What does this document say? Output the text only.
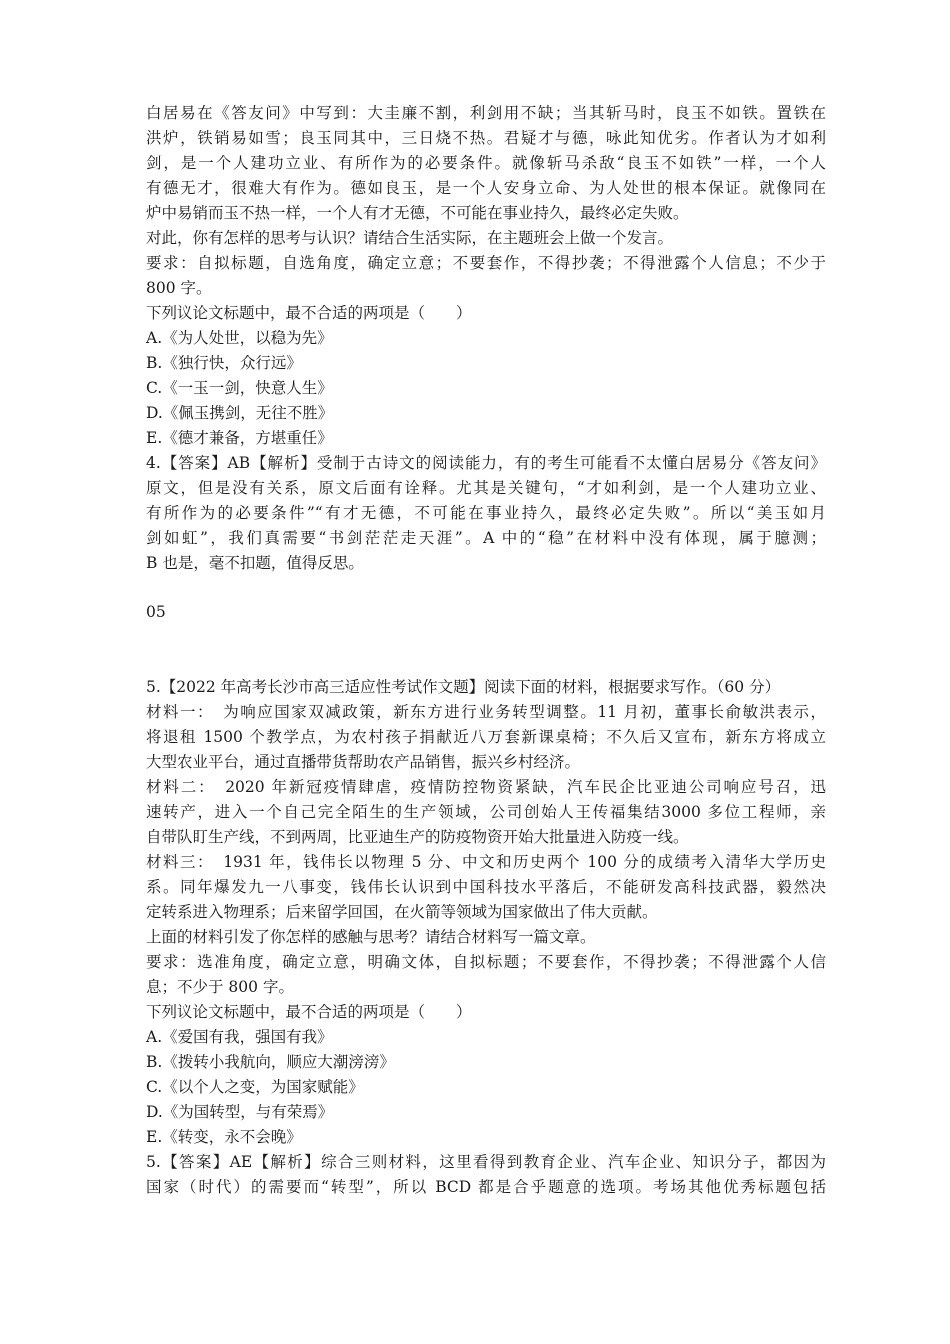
白居易在《答友问》中写到：大圭廉不割，利剑用不缺；当其斩马时，良玉不如铁。置铁在
洪炉，铁销易如雪；良玉同其中，三日烧不热。君疑才与德，咏此知优劣。作者认为才如利
剑，是一个人建功立业、有所作为的必要条件。就像斩马杀敌“良玉不如铁”一样，一个人
有德无才，很难大有作为。德如良玉，是一个人安身立命、为人处世的根本保证。就像同在
炉中易销而玉不热一样，一个人有才无德，不可能在事业持久，最终必定失败。
对此，你有怎样的思考与认识？请结合生活实际，在主题班会上做一个发言。
要求：自拟标题，自选角度，确定立意；不要套作，不得抄袭；不得泄露个人信息；不少于
800 字。
下列议论文标题中，最不合适的两项是（　　）
A.《为人处世，以稳为先》
B.《独行快，众行远》
C.《一玉一剑，快意人生》
D.《佩玉携剑，无往不胜》
E.《德才兼备，方堪重任》
4.【答案】AB【解析】受制于古诗文的阅读能力，有的考生可能看不太懂白居易分《答友问》
原文，但是没有关系，原文后面有诠释。尤其是关键句，“才如利剑，是一个人建功立业、
有所作为的必要条件”“有才无德，不可能在事业持久，最终必定失败”。所以“美玉如月
剑如虹”，我们真需要“书剑茫茫走天涯”。A 中的“稳”在材料中没有体现，属于臆测；
B 也是，毫不扣题，值得反思。
05
5.【2022 年高考长沙市高三适应性考试作文题】阅读下面的材料，根据要求写作。（60 分）
材料一：　为响应国家双减政策，新东方进行业务转型调整。11 月初，董事长俞敏洪表示，
将退租 1500 个教学点，为农村孩子捐献近八万套新课桌椅；不久后又宣布，新东方将成立
大型农业平台，通过直播带货帮助农产品销售，振兴乡村经济。
材料二：　2020 年新冠疫情肆虐，疫情防控物资紧缺，汽车民企比亚迪公司响应号召，迅
速转产，进入一个自己完全陌生的生产领域，公司创始人王传福集结3000 多位工程师，亲
自带队盯生产线，不到两周，比亚迪生产的防疫物资开始大批量进入防疫一线。
材料三：　1931 年，钱伟长以物理 5 分、中文和历史两个 100 分的成绩考入清华大学历史
系。同年爆发九一八事变，钱伟长认识到中国科技水平落后，不能研发高科技武器，毅然决
定转系进入物理系；后来留学回国，在火箭等领域为国家做出了伟大贡献。
上面的材料引发了你怎样的感触与思考？请结合材料写一篇文章。
要求：选准角度，确定立意，明确文体，自拟标题；不要套作，不得抄袭；不得泄露个人信
息；不少于 800 字。
下列议论文标题中，最不合适的两项是（　　）
A.《爱国有我，强国有我》
B.《拨转小我航向，顺应大潮滂滂》
C.《以个人之变，为国家赋能》
D.《为国转型，与有荣焉》
E.《转变，永不会晚》
5.【答案】AE【解析】综合三则材料，这里看得到教育企业、汽车企业、知识分子，都因为
国家（时代）的需要而“转型”，所以 BCD 都是合乎题意的选项。考场其他优秀标题包括
